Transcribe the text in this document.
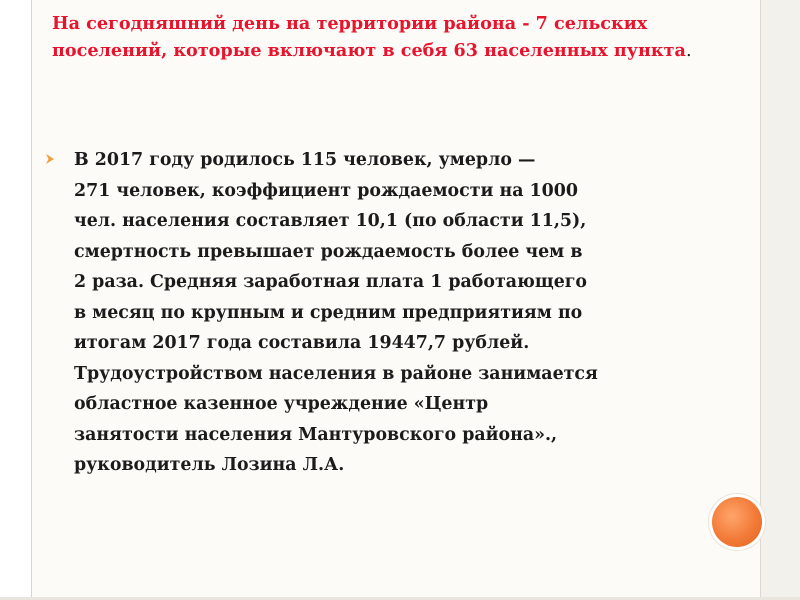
На сегодняшний день на территории района - 7 сельских поселений, которые включают в себя 63 населенных пункта.

В 2017 году родилось 115 человек, умерло —
271 человек, коэффициент рождаемости на 1000
чел. населения составляет 10,1 (по области 11,5),
смертность превышает рождаемость более чем в
2 раза. Средняя заработная плата 1 работающего
в месяц по крупным и средним предприятиям по
итогам 2017 года составила 19447,7 рублей.
Трудоустройством населения в районе занимается
областное казенное учреждение «Центр
занятости населения Мантуровского района».,
руководитель Лозина Л.А.
